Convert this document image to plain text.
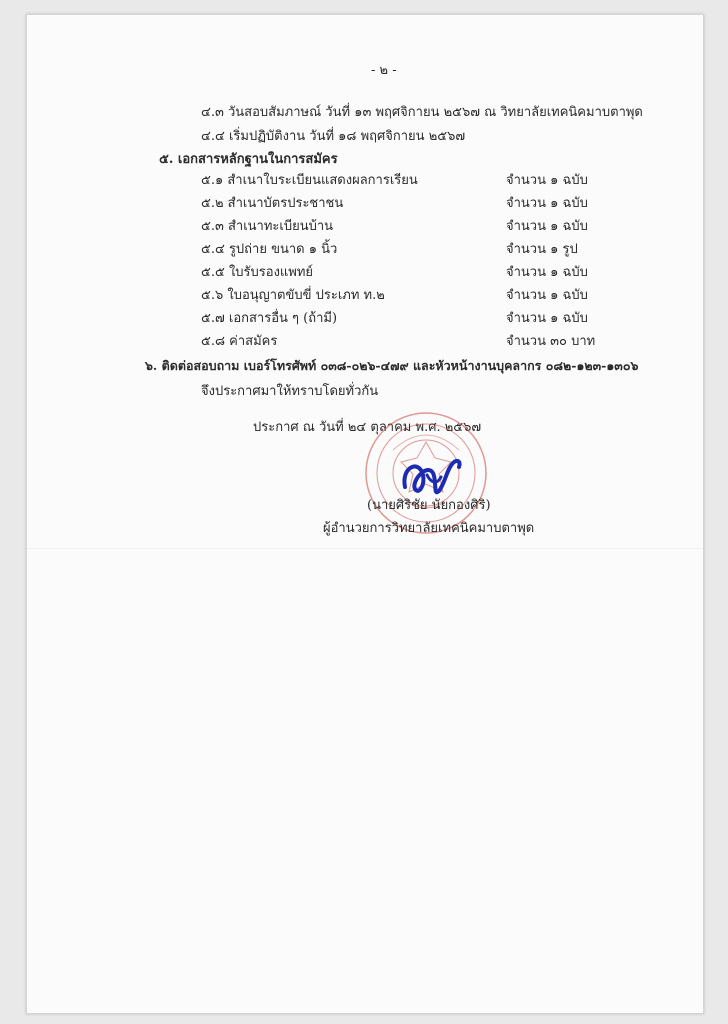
- ๒ -
๔.๓ วันสอบสัมภาษณ์ วันที่ ๑๓ พฤศจิกายน ๒๕๖๗ ณ วิทยาลัยเทคนิคมาบตาพุด
๔.๔ เริ่มปฏิบัติงาน วันที่ ๑๘ พฤศจิกายน ๒๕๖๗
๕. เอกสารหลักฐานในการสมัคร
๕.๑ สำเนาใบระเบียนแสดงผลการเรียน	จำนวน ๑ ฉบับ
๕.๒ สำเนาบัตรประชาชน	จำนวน ๑ ฉบับ
๕.๓ สำเนาทะเบียนบ้าน	จำนวน ๑ ฉบับ
๕.๔ รูปถ่าย ขนาด ๑ นิ้ว	จำนวน ๑ รูป
๕.๕ ใบรับรองแพทย์	จำนวน ๑ ฉบับ
๕.๖ ใบอนุญาตขับขี่ ประเภท ท.๒	จำนวน ๑ ฉบับ
๕.๗ เอกสารอื่น ๆ (ถ้ามี)	จำนวน ๑ ฉบับ
๕.๘ ค่าสมัคร	จำนวน ๓๐ บาท
๖. ติดต่อสอบถาม เบอร์โทรศัพท์ ๐๓๘-๐๒๖-๔๗๙ และหัวหน้างานบุคลากร ๐๘๒-๑๒๓-๑๓๐๖
จึงประกาศมาให้ทราบโดยทั่วกัน
ประกาศ ณ วันที่ ๒๔ ตุลาคม พ.ศ. ๒๕๖๗
(นายศิริชัย นัยกองศิริ)
ผู้อำนวยการวิทยาลัยเทคนิคมาบตาพุด
